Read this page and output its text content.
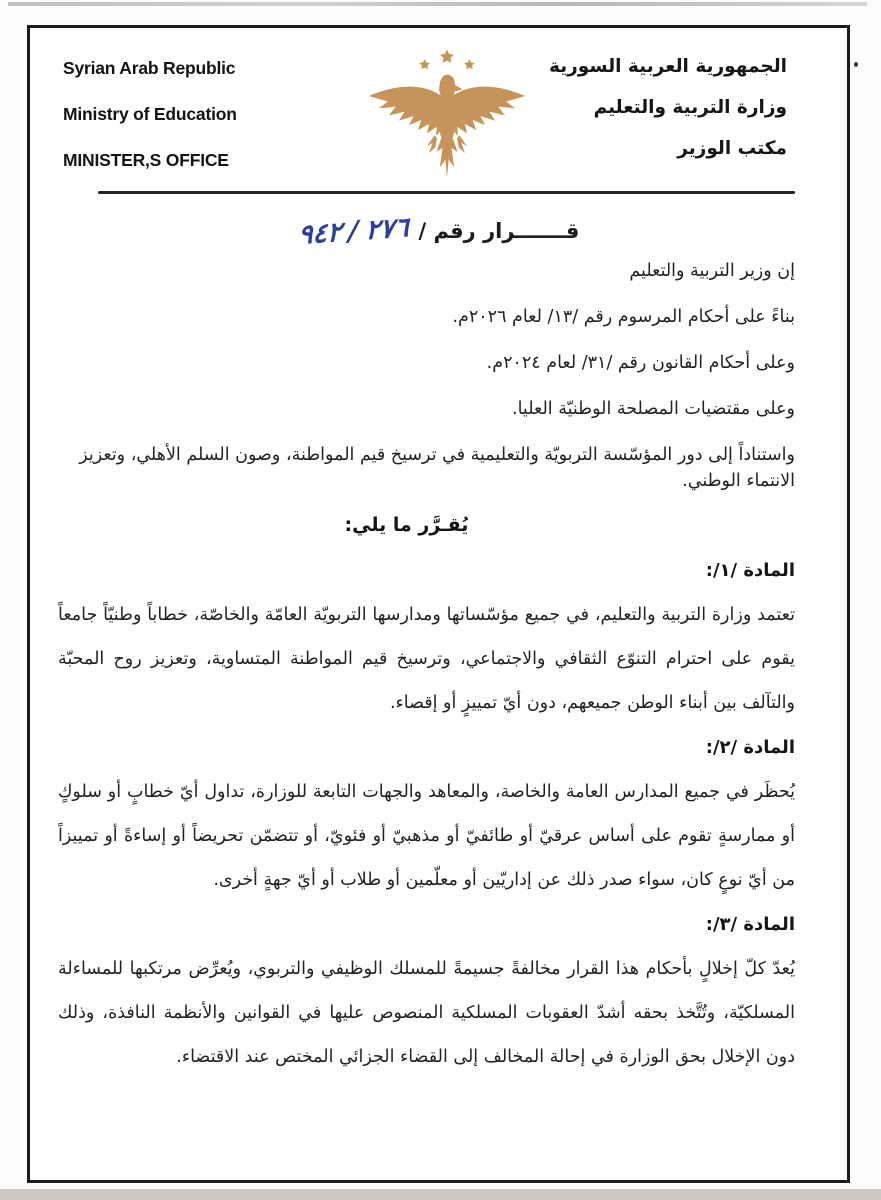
Syrian Arab Republic
Ministry of Education
MINISTER,S OFFICE
الجمهورية العربية السورية
وزارة التربية والتعليم
مكتب الوزير
قـــــــرار رقم /
٢٧٦
/
٩٤٢

إن وزير التربية والتعليم

بناءً على أحكام المرسوم رقم /١٣/ لعام ٢٠٢٦م.

وعلى أحكام القانون رقم /٣١/ لعام ٢٠٢٤م.

وعلى مقتضيات المصلحة الوطنيّة العليا.

واستناداً إلى دور المؤسّسة التربويّة والتعليمية في ترسيخ قيم المواطنة، وصون السلم الأهلي، وتعزيز الانتماء الوطني.

يُقـرَّر ما يلي:

المادة /١/:

تعتمد وزارة التربية والتعليم، في جميع مؤسّساتها ومدارسها التربويّة العامّة والخاصّة، خطاباً وطنيّاً جامعاً يقوم على احترام التنوّع الثقافي والاجتماعي، وترسيخ قيم المواطنة المتساوية، وتعزيز روح المحبّة والتآلف بين أبناء الوطن جميعهم، دون أيّ تمييزٍ أو إقصاء.

المادة /٢/:

يُحظَر في جميع المدارس العامة والخاصة، والمعاهد والجهات التابعة للوزارة، تداول أيّ خطابٍ أو سلوكٍ أو ممارسةٍ تقوم على أساس عرقيّ أو طائفيّ أو مذهبيّ أو فئويّ، أو تتضمّن تحريضاً أو إساءةً أو تمييزاً من أيّ نوعٍ كان، سواء صدر ذلك عن إداريّين أو معلّمين أو طلاب أو أيّ جهةٍ أخرى.

المادة /٣/:

يُعدّ كلّ إخلالٍ بأحكام هذا القرار مخالفةً جسيمةً للمسلك الوظيفي والتربوي، ويُعرِّض مرتكبها للمساءلة المسلكيّة، وتُتَّخذ بحقه أشدّ العقوبات المسلكية المنصوص عليها في القوانين والأنظمة النافذة، وذلك دون الإخلال بحق الوزارة في إحالة المخالف إلى القضاء الجزائي المختص عند الاقتضاء.
